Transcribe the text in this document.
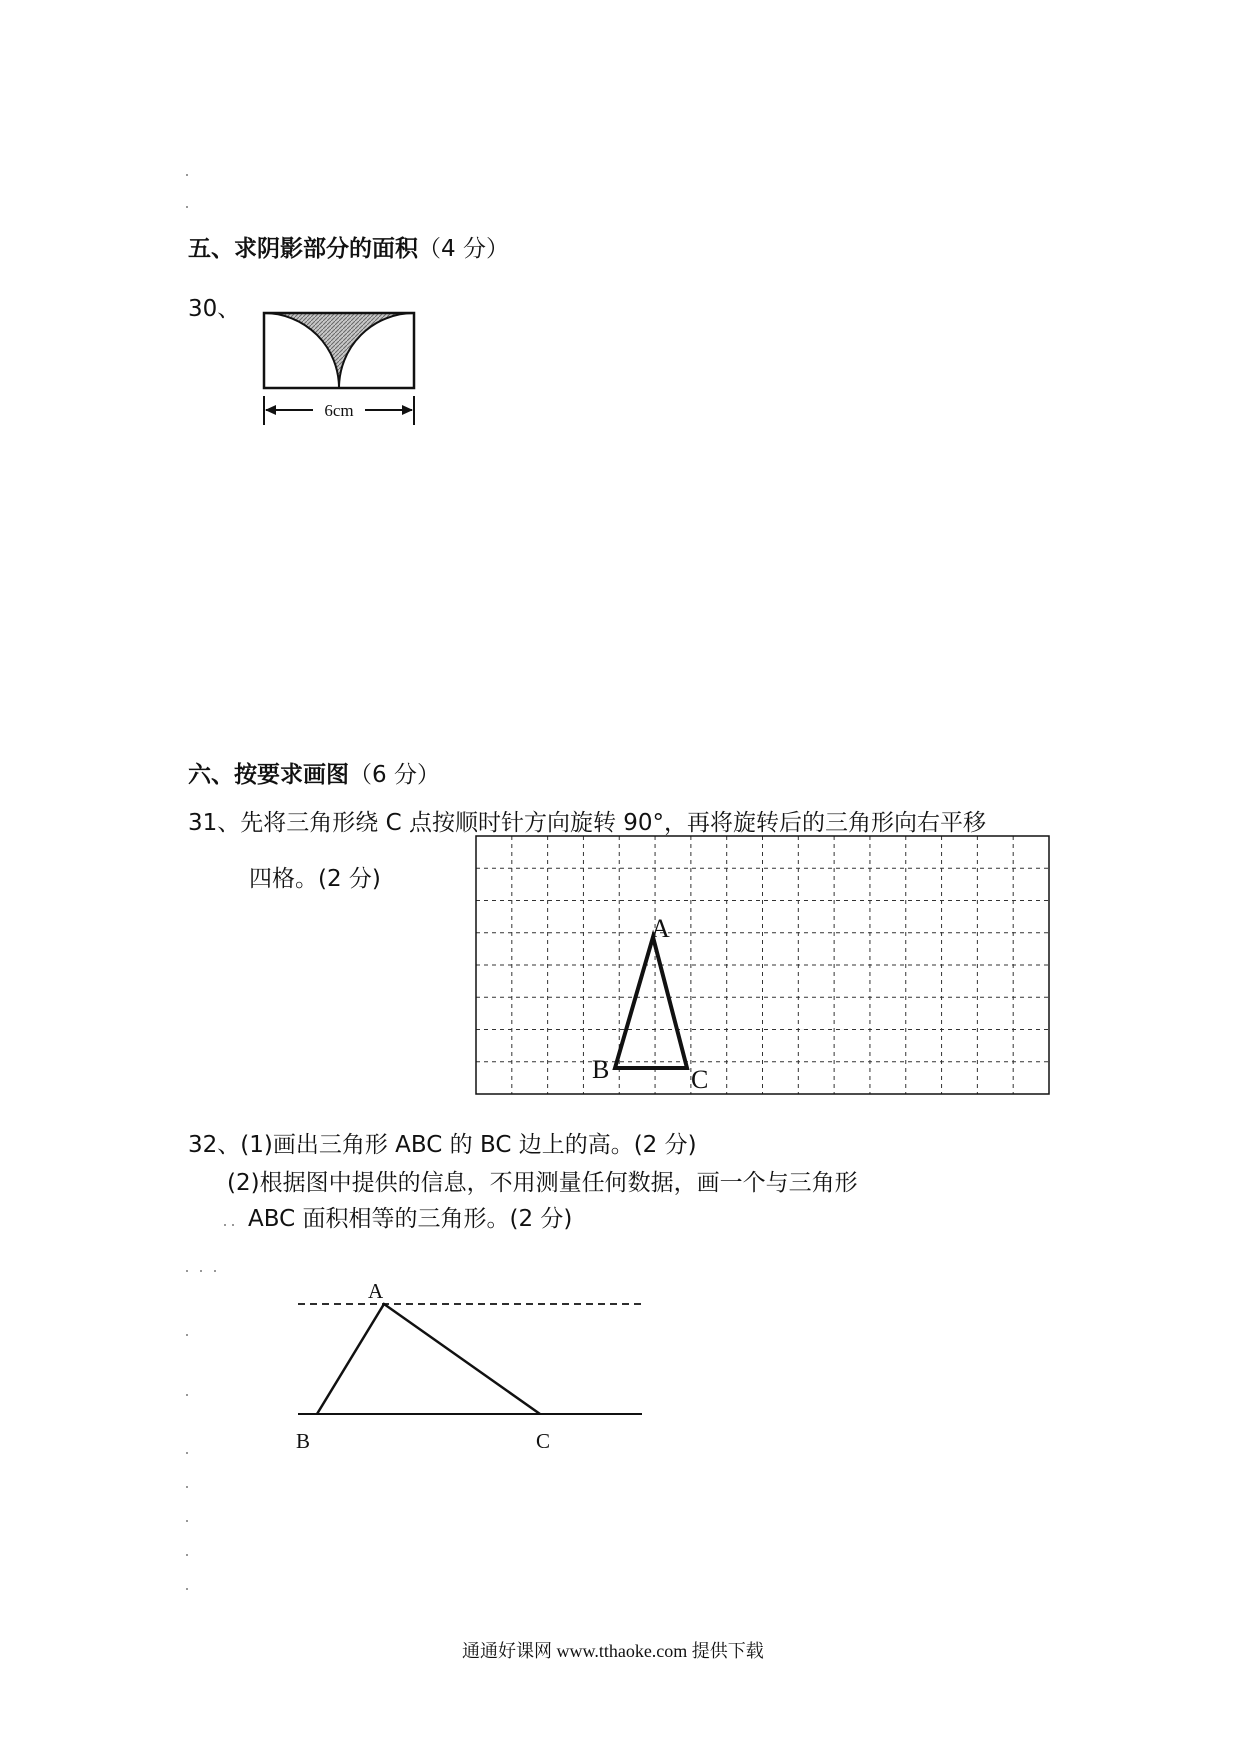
五、求阴影部分的面积（4 分）
30、
6cm
六、按要求画图（6 分）
31、先将三角形绕 C 点按顺时针方向旋转 90°，再将旋转后的三角形向右平移
四格。(2 分)
A
B	C
32、(1)画出三角形 ABC 的 BC 边上的高。(2 分)
(2)根据图中提供的信息，不用测量任何数据，画一个与三角形
ABC 面积相等的三角形。(2 分)
A
B	C
通通好课网 www.tthaoke.com 提供下载
